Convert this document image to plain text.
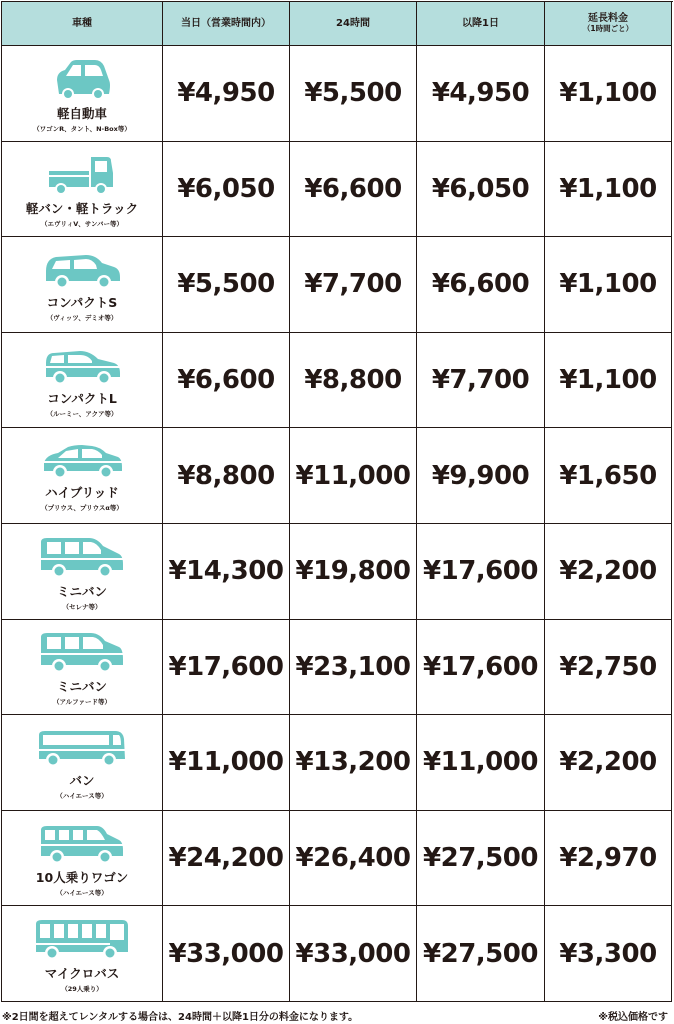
車種	当日（営業時間内）	24時間	以降1日	延長料金
（1時間ごと）
軽自動車
（ワゴンR、タント、N-Box等）
¥4,950	¥5,500	¥4,950	¥1,100
軽バン・軽トラック
（エヴリィV、サンバー等）
¥6,050	¥6,600	¥6,050	¥1,100
コンパクトS
（ヴィッツ、デミオ等）
¥5,500	¥7,700	¥6,600	¥1,100
コンパクトL
（ルーミー、アクア等）
¥6,600	¥8,800	¥7,700	¥1,100
ハイブリッド
（プリウス、プリウスα等）
¥8,800 ¥11,000 ¥9,900	¥1,650
ミニバン
（セレナ等）
¥14,300 ¥19,800 ¥17,600 ¥2,200
ミニバン
（アルファード等）
¥17,600 ¥23,100 ¥17,600 ¥2,750
バン
（ハイエース等）
¥11,000 ¥13,200 ¥11,000 ¥2,200
10人乗りワゴン
（ハイエース等）
¥24,200 ¥26,400 ¥27,500 ¥2,970
マイクロバス
（29人乗り）
¥33,000 ¥33,000 ¥27,500 ¥3,300
※2日間を超えてレンタルする場合は、24時間＋以降1日分の料金になります。	※税込価格です
